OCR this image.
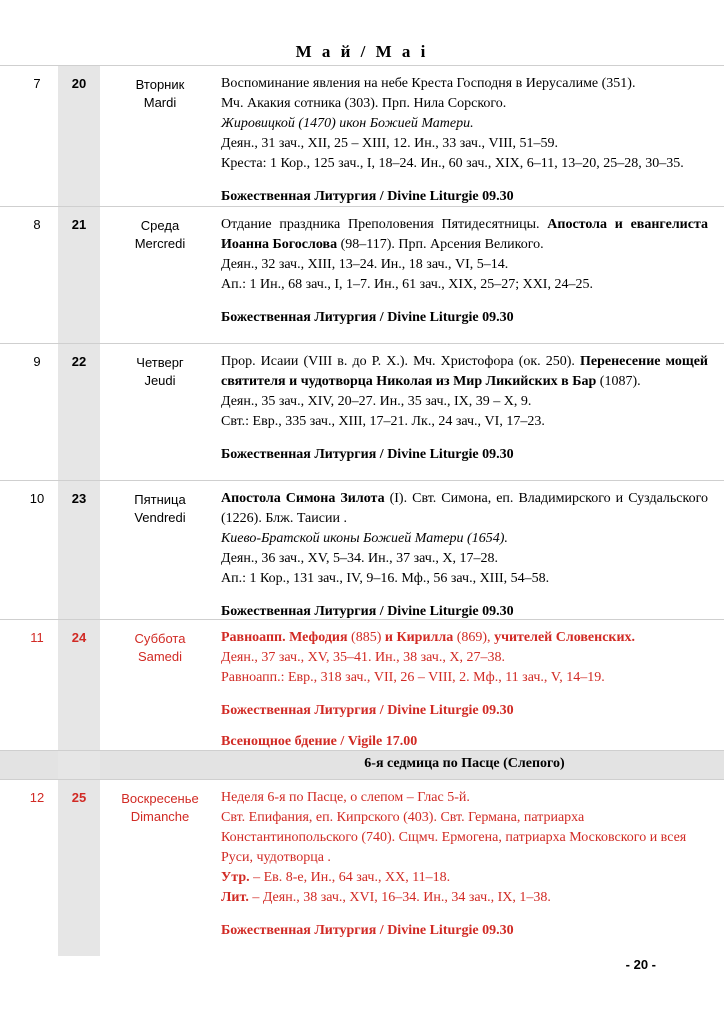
М а й / M a i
7	20	Вторник
Mardi

Воспоминание явления на небе Креста Господня в Иерусалиме (351).

Мч. Акакия сотника (303). Прп. Нила Сорского.

Жировицкой (1470) икон Божией Матери.

Деян., 31 зач., XII, 25 – XIII, 12. Ин., 33 зач., VIII, 51–59.

Креста: 1 Кор., 125 зач., I, 18–24. Ин., 60 зач., XIX, 6–11, 13–20, 25–28, 30–35.

Божественная Литургия / Divine Liturgie 09.30

8	21	Среда
Mercredi

Отдание праздника Преполовения Пятидесятницы. Апостола и евангелиста Иоанна Богослова (98–117). Прп. Арсения Великого.

Деян., 32 зач., XIII, 13–24. Ин., 18 зач., VI, 5–14.

Ап.: 1 Ин., 68 зач., I, 1–7. Ин., 61 зач., XIX, 25–27; XXI, 24–25.

Божественная Литургия / Divine Liturgie 09.30

9	22	Четверг
Jeudi

Прор. Исаии (VIII в. до Р. Х.). Мч. Христофора (ок. 250). Перенесение мощей святителя и чудотворца Николая из Мир Ликийских в Бар (1087).

Деян., 35 зач., XIV, 20–27. Ин., 35 зач., IX, 39 – X, 9.

Свт.: Евр., 335 зач., XIII, 17–21. Лк., 24 зач., VI, 17–23.

Божественная Литургия / Divine Liturgie 09.30

10	23	Пятница
Vendredi

Апостола Симона Зилота (I). Свт. Симона, еп. Владимирского и Суздальского (1226). Блж. Таисии .

Киево-Братской иконы Божией Матери (1654).

Деян., 36 зач., XV, 5–34. Ин., 37 зач., X, 17–28.

Ап.: 1 Кор., 131 зач., IV, 9–16. Мф., 56 зач., XIII, 54–58.

Божественная Литургия / Divine Liturgie 09.30

11	24	Суббота
Samedi

Равноапп. Мефодия (885) и Кирилла (869), учителей Словенских.

Деян., 37 зач., XV, 35–41. Ин., 38 зач., X, 27–38.

Равноапп.: Евр., 318 зач., VII, 26 – VIII, 2. Мф., 11 зач., V, 14–19.

Божественная Литургия / Divine Liturgie 09.30

Всенощное бдение / Vigile 17.00

6-я седмица по Пасце (Слепого)
12	25	Воскресенье
Dimanche

Неделя 6-я по Пасце, о слепом – Глас 5-й.

Свт. Епифания, еп. Кипрского (403). Свт. Германа, патриарха Константинопольского (740). Сщмч. Ермогена, патриарха Московского и всея Руси, чудотворца .

Утр. – Ев. 8-е, Ин., 64 зач., XX, 11–18.

Лит. – Деян., 38 зач., XVI, 16–34. Ин., 34 зач., IX, 1–38.

Божественная Литургия / Divine Liturgie 09.30

- 20 -
